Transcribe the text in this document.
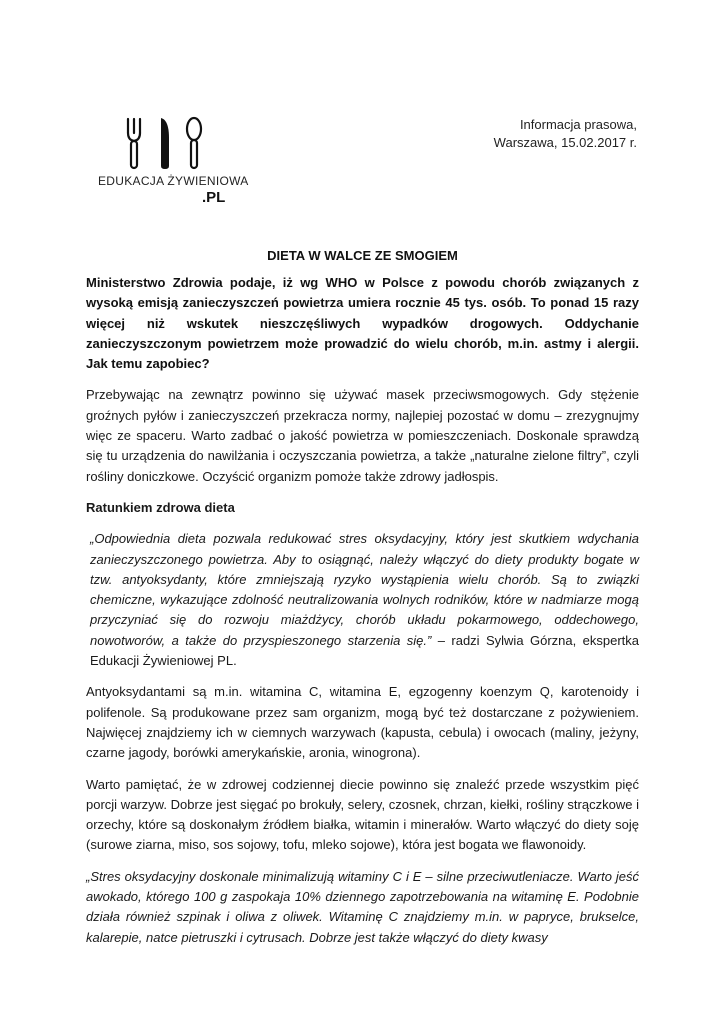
EDUKACJA ŻYWIENIOWA
.PL
Informacja prasowa,
Warszawa, 15.02.2017 r.
DIETA W WALCE ZE SMOGIEM

Ministerstwo Zdrowia podaje, iż wg WHO w Polsce z powodu chorób związanych z wysoką emisją zanieczyszczeń powietrza umiera rocznie 45 tys. osób. To ponad 15 razy więcej niż wskutek nieszczęśliwych wypadków drogowych. Oddychanie zanieczyszczonym powietrzem może prowadzić do wielu chorób, m.in. astmy i alergii. Jak temu zapobiec?

Przebywając na zewnątrz powinno się używać masek przeciwsmogowych. Gdy stężenie groźnych pyłów i zanieczyszczeń przekracza normy, najlepiej pozostać w domu – zrezygnujmy więc ze spaceru. Warto zadbać o jakość powietrza w pomieszczeniach. Doskonale sprawdzą się tu urządzenia do nawilżania i oczyszczania powietrza, a także „naturalne zielone filtry”, czyli rośliny doniczkowe. Oczyścić organizm pomoże także zdrowy jadłospis.

Ratunkiem zdrowa dieta

„Odpowiednia dieta pozwala redukować stres oksydacyjny, który jest skutkiem wdychania zanieczyszczonego powietrza. Aby to osiągnąć, należy włączyć do diety produkty bogate w tzw. antyoksydanty, które zmniejszają ryzyko wystąpienia wielu chorób. Są to związki chemiczne, wykazujące zdolność neutralizowania wolnych rodników, które w nadmiarze mogą przyczyniać się do rozwoju miażdżycy, chorób układu pokarmowego, oddechowego, nowotworów, a także do przyspieszonego starzenia się.” – radzi Sylwia Górzna, ekspertka Edukacji Żywieniowej PL.

Antyoksydantami są m.in. witamina C, witamina E, egzogenny koenzym Q, karotenoidy i polifenole. Są produkowane przez sam organizm, mogą być też dostarczane z pożywieniem. Najwięcej znajdziemy ich w ciemnych warzywach (kapusta, cebula) i owocach (maliny, jeżyny, czarne jagody, borówki amerykańskie, aronia, winogrona).

Warto pamiętać, że w zdrowej codziennej diecie powinno się znaleźć przede wszystkim pięć porcji warzyw. Dobrze jest sięgać po brokuły, selery, czosnek, chrzan, kiełki, rośliny strączkowe i orzechy, które są doskonałym źródłem białka, witamin i minerałów. Warto włączyć do diety soję (surowe ziarna, miso, sos sojowy, tofu, mleko sojowe), która jest bogata we flawonoidy.

„Stres oksydacyjny doskonale minimalizują witaminy C i E – silne przeciwutleniacze. Warto jeść awokado, którego 100 g zaspokaja 10% dziennego zapotrzebowania na witaminę E. Podobnie działa również szpinak i oliwa z oliwek. Witaminę C znajdziemy m.in. w papryce, brukselce, kalarepie, natce pietruszki i cytrusach. Dobrze jest także włączyć do diety kwasy
